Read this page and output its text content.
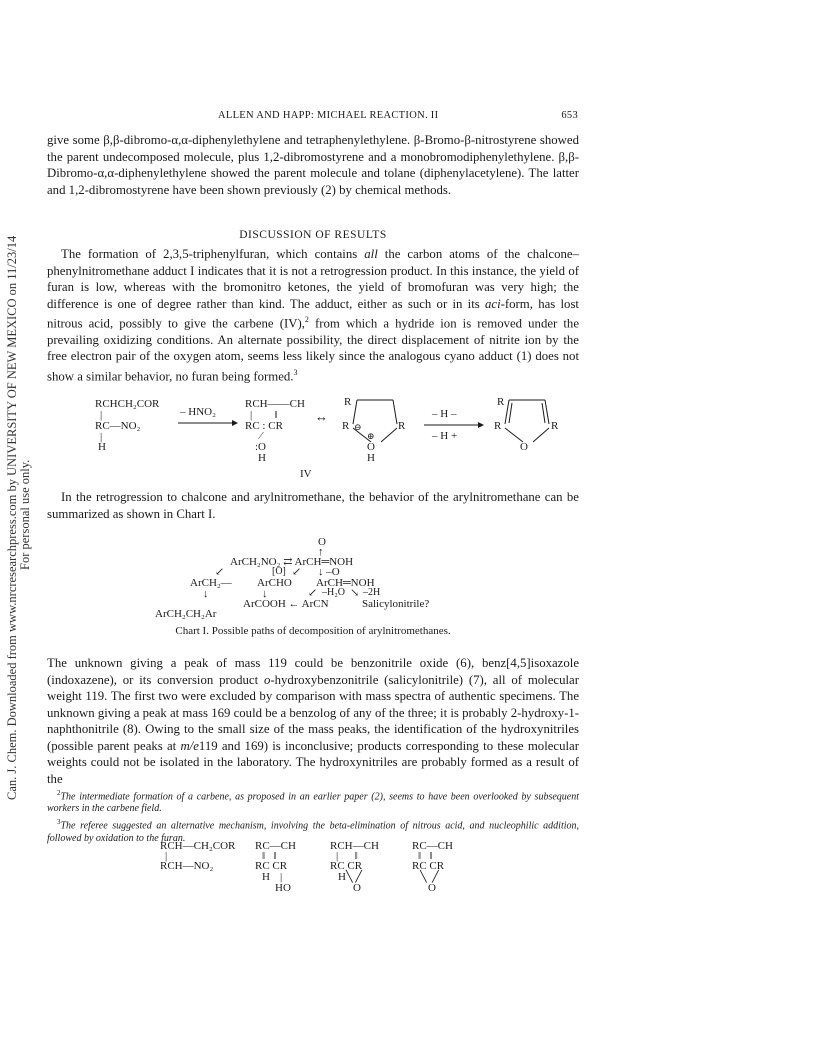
Can. J. Chem. Downloaded from www.nrcresearchpress.com by UNIVERSITY OF NEW MEXICO on 11/23/14 For personal use only.
ALLEN AND HAPP: MICHAEL REACTION. II	653

give some β,β-dibromo-α,α-diphenylethylene and tetraphenylethylene. β-Bromo-β-nitrostyrene showed the parent undecomposed molecule, plus 1,2-dibromostyrene and a monobromodiphenylethylene. β,β-Dibromo-α,α-diphenylethylene showed the parent molecule and tolane (diphenylacetylene). The latter and 1,2-dibromostyrene have been shown previously (2) by chemical methods.

DISCUSSION OF RESULTS

The formation of 2,3,5-triphenylfuran, which contains all the carbon atoms of the chalcone–phenylnitromethane adduct I indicates that it is not a retrogression product. In this instance, the yield of furan is low, whereas with the bromonitro ketones, the yield of bromofuran was very high; the difference is one of degree rather than kind. The adduct, either as such or in its aci-form, has lost nitrous acid, possibly to give the carbene (IV),$^2$ from which a hydride ion is removed under the prevailing oxidizing conditions. An alternate possibility, the direct displacement of nitrite ion by the free electron pair of the oxygen atom, seems less likely since the analogous cyano adduct (1) does not show a similar behavior, no furan being formed.$^3$

RCHCH₂COR
|
RC—NO₂
|
H
– HNO₂
RCH——CH
|        ‖
RC : CR
⁄
:O
H
↔
R
R ⊖	R
⊕
O
H
– H –
– H +
R
R	R
O
IV

In the retrogression to chalcone and arylnitromethane, the behavior of the arylnitromethane can be summarized as shown in Chart I.

O
↑
ArCH₂NO₂ ⇄ ArCH═NOH
↙	[O] ↙ ↓ –O
ArCH₂— ArCHO ArCH═NOH
↓	↓	↙ –H₂O ↘ –2H
ArCOOH ← ArCN	Salicylonitrile?
ArCH₂CH₂Ar
Chart I. Possible paths of decomposition of arylnitromethanes.

The unknown giving a peak of mass 119 could be benzonitrile oxide (6), benz[4,5]isoxazole (indoxazene), or its conversion product o-hydroxybenzonitrile (salicylonitrile) (7), all of molecular weight 119. The first two were excluded by comparison with mass spectra of authentic specimens. The unknown giving a peak at mass 169 could be a benzolog of any of the three; it is probably 2-hydroxy-1-naphthonitrile (8). Owing to the small size of the mass peaks, the identification of the hydroxynitriles (possible parent peaks at m/e119 and 169) is inconclusive; products corresponding to these molecular weights could not be isolated in the laboratory. The hydroxynitriles are probably formed as a result of the

$^2$The intermediate formation of a carbene, as proposed in an earlier paper (2), seems to have been overlooked by subsequent workers in the carbene field.

$^3$The referee suggested an alternative mechanism, involving the beta-elimination of nitrous acid, and nucleophilic addition, followed by oxidation to the furan.

RCH—CH₂COR
|
RCH—NO₂
RC—CH
‖   ‖
RC CR
H |
HO
RCH—CH
|      ‖
RC CR
H ╲ ╱
O
RC—CH
‖   ‖
RC CR
╲  ╱
O
